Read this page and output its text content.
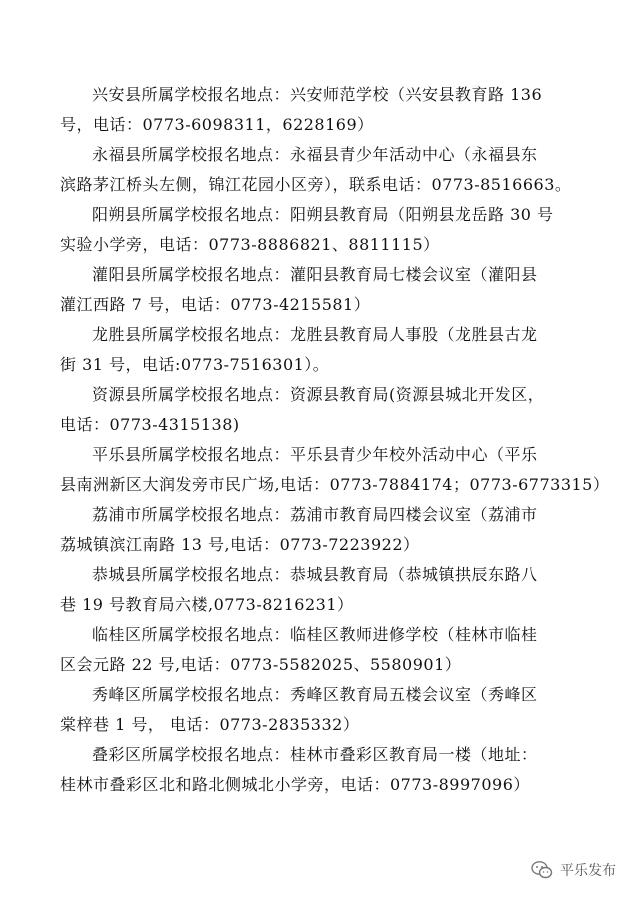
兴安县所属学校报名地点：兴安师范学校（兴安县教育路 136
号，电话：0773-6098311，6228169）
永福县所属学校报名地点：永福县青少年活动中心（永福县东
滨路茅江桥头左侧，锦江花园小区旁），联系电话：0773-8516663。
阳朔县所属学校报名地点：阳朔县教育局（阳朔县龙岳路 30 号
实验小学旁，电话：0773-8886821、8811115）
灌阳县所属学校报名地点：灌阳县教育局七楼会议室（灌阳县
灌江西路 7 号，电话：0773-4215581）
龙胜县所属学校报名地点：龙胜县教育局人事股（龙胜县古龙
街 31 号，电话:0773-7516301）。
资源县所属学校报名地点：资源县教育局(资源县城北开发区，
电话：0773-4315138)
平乐县所属学校报名地点：平乐县青少年校外活动中心（平乐
县南洲新区大润发旁市民广场,电话：0773-7884174；0773-6773315）
荔浦市所属学校报名地点：荔浦市教育局四楼会议室（荔浦市
荔城镇滨江南路 13 号,电话：0773-7223922）
恭城县所属学校报名地点：恭城县教育局（恭城镇拱辰东路八
巷 19 号教育局六楼,0773-8216231）
临桂区所属学校报名地点：临桂区教师进修学校（桂林市临桂
区会元路 22 号,电话：0773-5582025、5580901）
秀峰区所属学校报名地点：秀峰区教育局五楼会议室（秀峰区
棠梓巷 1 号， 电话：0773-2835332）
叠彩区所属学校报名地点：桂林市叠彩区教育局一楼（地址：
桂林市叠彩区北和路北侧城北小学旁，电话：0773-8997096）
平乐发布
